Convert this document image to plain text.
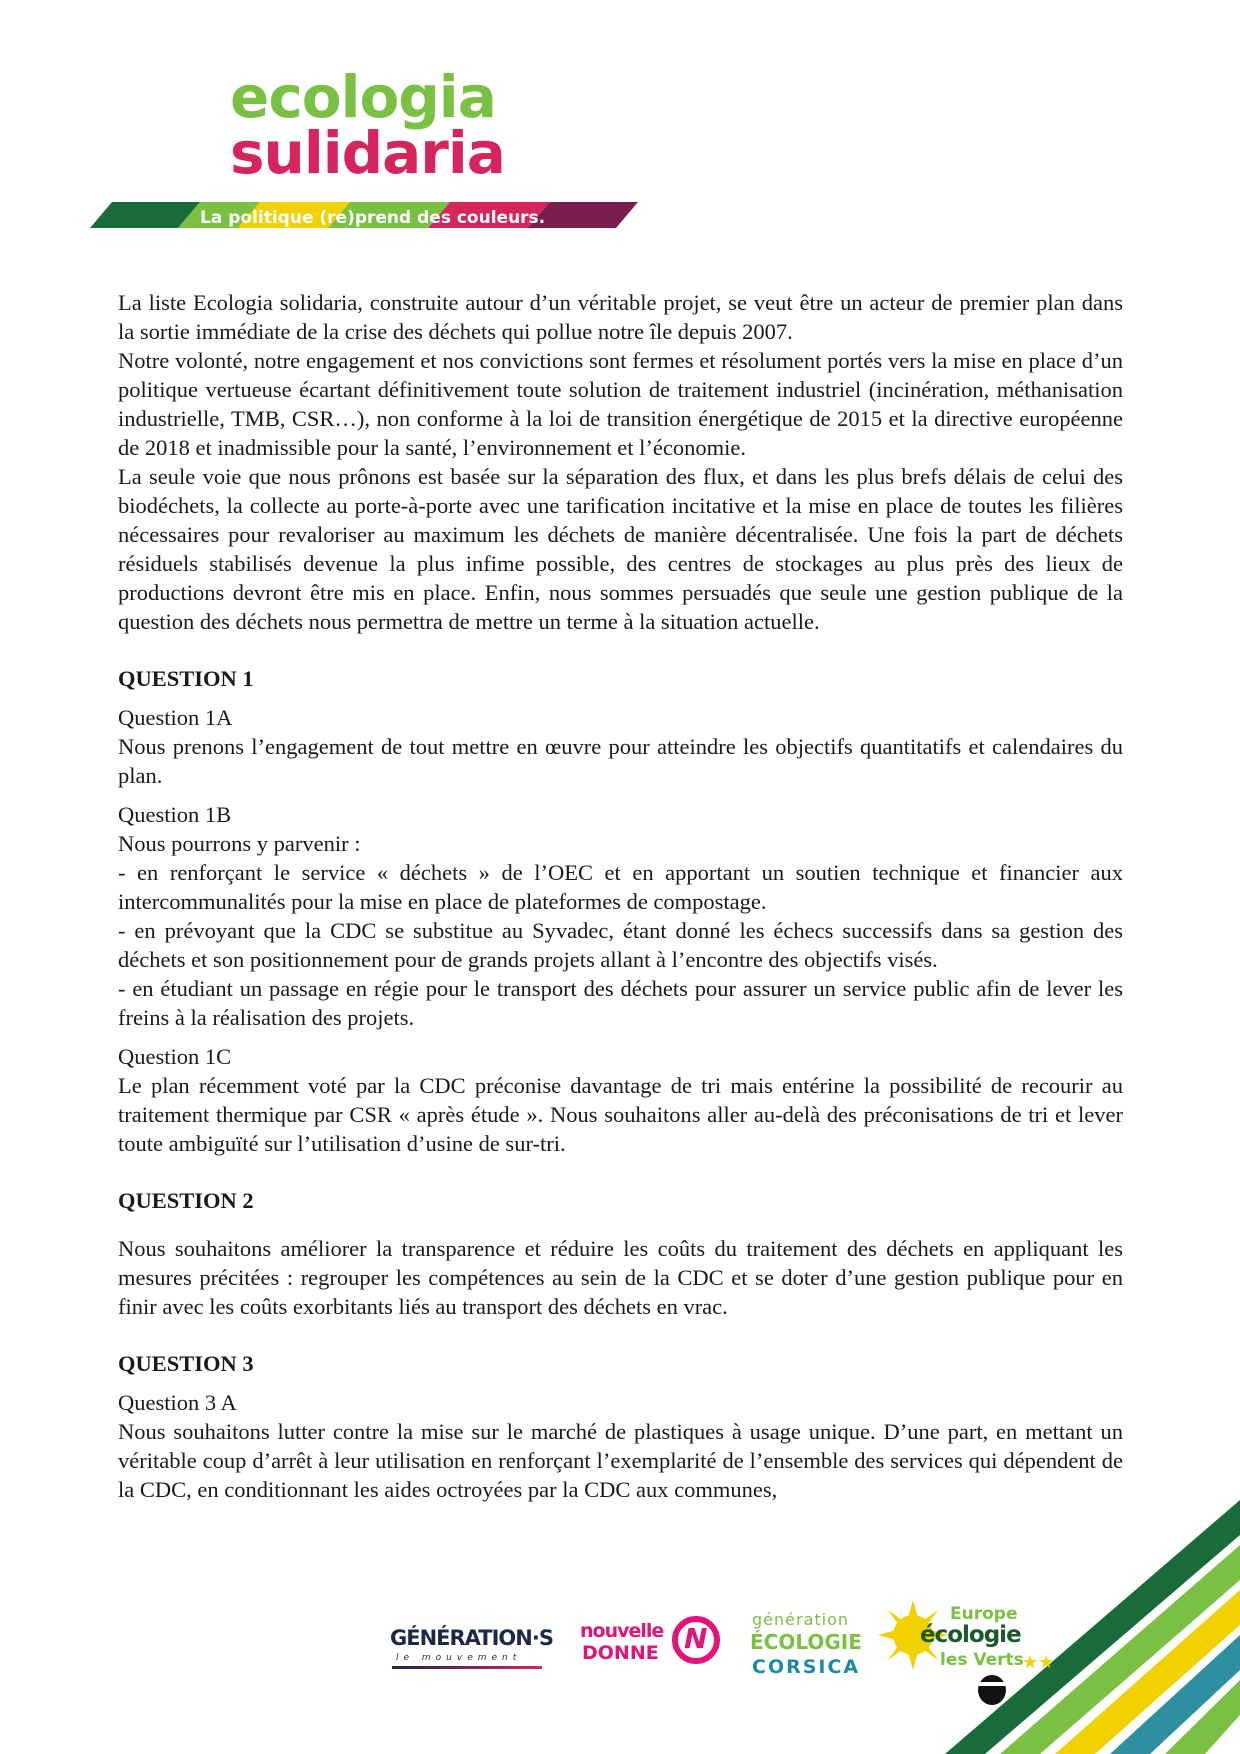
ecologia
sulidaria
La politique (re)prend des couleurs.

La liste Ecologia solidaria, construite autour d’un véritable projet, se veut être un acteur de premier plan dans la sortie immédiate de la crise des déchets qui pollue notre île depuis 2007.

Notre volonté, notre engagement et nos convictions sont fermes et résolument portés vers la mise en place d’un politique vertueuse écartant définitivement toute solution de traitement industriel (incinération, méthanisation industrielle, TMB, CSR…), non conforme à la loi de transition énergétique de 2015 et la directive européenne de 2018 et inadmissible pour la santé, l’environnement et l’économie.

La seule voie que nous prônons est basée sur la séparation des flux, et dans les plus brefs délais de celui des biodéchets, la collecte au porte-à-porte avec une tarification incitative et la mise en place de toutes les filières nécessaires pour revaloriser au maximum les déchets de manière décentralisée. Une fois la part de déchets résiduels stabilisés devenue la plus infime possible, des centres de stockages au plus près des lieux de productions devront être mis en place. Enfin, nous sommes persuadés que seule une gestion publique de la question des déchets nous permettra de mettre un terme à la situation actuelle.

QUESTION 1

Question 1A

Nous prenons l’engagement de tout mettre en œuvre pour atteindre les objectifs quantitatifs et calendaires du plan.

Question 1B

Nous pourrons y parvenir :

- en renforçant le service « déchets » de l’OEC et en apportant un soutien technique et financier aux intercommunalités pour la mise en place de plateformes de compostage.

- en prévoyant que la CDC se substitue au Syvadec, étant donné les échecs successifs dans sa gestion des déchets et son positionnement pour de grands projets allant à l’encontre des objectifs visés.

- en étudiant un passage en régie pour le transport des déchets pour assurer un service public afin de lever les freins à la réalisation des projets.

Question 1C

Le plan récemment voté par la CDC préconise davantage de tri mais entérine la possibilité de recourir au traitement thermique par CSR « après étude ». Nous souhaitons aller au-delà des préconisations de tri et lever toute ambiguïté sur l’utilisation d’usine de sur-tri.

QUESTION 2

Nous souhaitons améliorer la transparence et réduire les coûts du traitement des déchets en appliquant les mesures précitées : regrouper les compétences au sein de la CDC et se doter d’une gestion publique pour en finir avec les coûts exorbitants liés au transport des déchets en vrac.

QUESTION 3

Question 3 A

Nous souhaitons lutter contre la mise sur le marché de plastiques à usage unique. D’une part, en mettant un véritable coup d’arrêt à leur utilisation en renforçant l’exemplarité de l’ensemble des services qui dépendent de la CDC, en conditionnant les aides octroyées par la CDC aux communes,

GÉNÉRATION·S
le mouvement
nouvelle
DONNE N
génération
ÉCOLOGIE
CORSICA
Europe
écologie
les Verts
★★
